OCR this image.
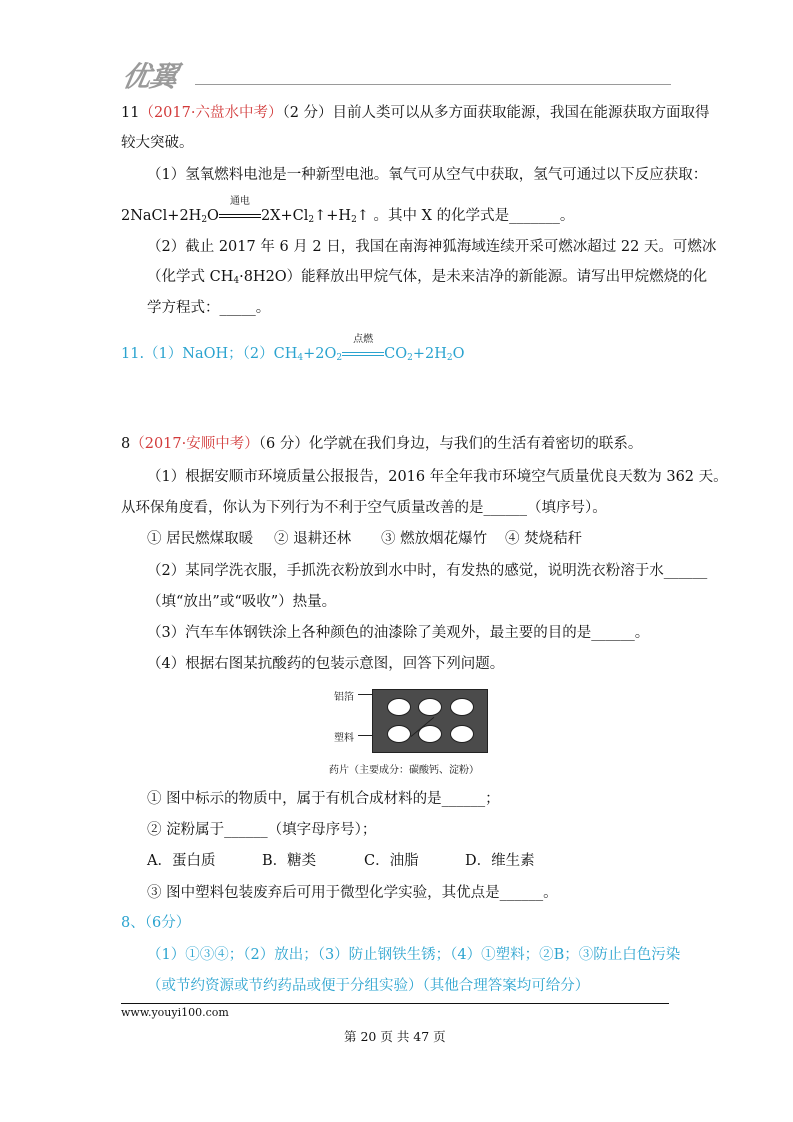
优翼
11（2017·六盘水中考）（2 分）目前人类可以从多方面获取能源，我国在能源获取方面取得
较大突破。
（1）氢氧燃料电池是一种新型电池。氧气可从空气中获取，氢气可通过以下反应获取：
$2NaCl+2H_2O$
通电
$2X+Cl_2↑+H_2↑$ 。其中 X 的化学式是_______。
（2）截止 2017 年 6 月 2 日，我国在南海神狐海域连续开采可燃冰超过 22 天。可燃冰
（化学式 $CH_4\cdot 8H2O$）能释放出甲烷气体，是未来洁净的新能源。请写出甲烷燃烧的化
学方程式：_____。
11.（1）NaOH；$(2)CH_4+2O_2$
点燃
$CO_2+2H_2O$
8（2017·安顺中考）（6 分）化学就在我们身边，与我们的生活有着密切的联系。
（1）根据安顺市环境质量公报报告，2016 年全年我市环境空气质量优良天数为 362 天。
从环保角度看，你认为下列行为不利于空气质量改善的是______（填序号）。
① 居民燃煤取暖 ② 退耕还林 ③ 燃放烟花爆竹 ④ 焚烧秸秆
（2）某同学洗衣服，手抓洗衣粉放到水中时，有发热的感觉，说明洗衣粉溶于水______
（填“放出”或“吸收”）热量。
（3）汽车车体钢铁涂上各种颜色的油漆除了美观外，最主要的目的是______。
（4）根据右图某抗酸药的包装示意图，回答下列问题。
铝箔
塑料
药片（主要成分：碳酸钙、淀粉）
① 图中标示的物质中，属于有机合成材料的是______；
② 淀粉属于______（填字母序号）；
A．蛋白质	B．糖类	C．油脂	D．维生素
③ 图中塑料包装废弃后可用于微型化学实验，其优点是______。
8、（6分）
（1）①③④；（2）放出；（3）防止钢铁生锈；（4）①塑料；②B；③防止白色污染
（或节约资源或节约药品或便于分组实验）（其他合理答案均可给分）
www.youyi100.com
第 20 页 共 47 页
